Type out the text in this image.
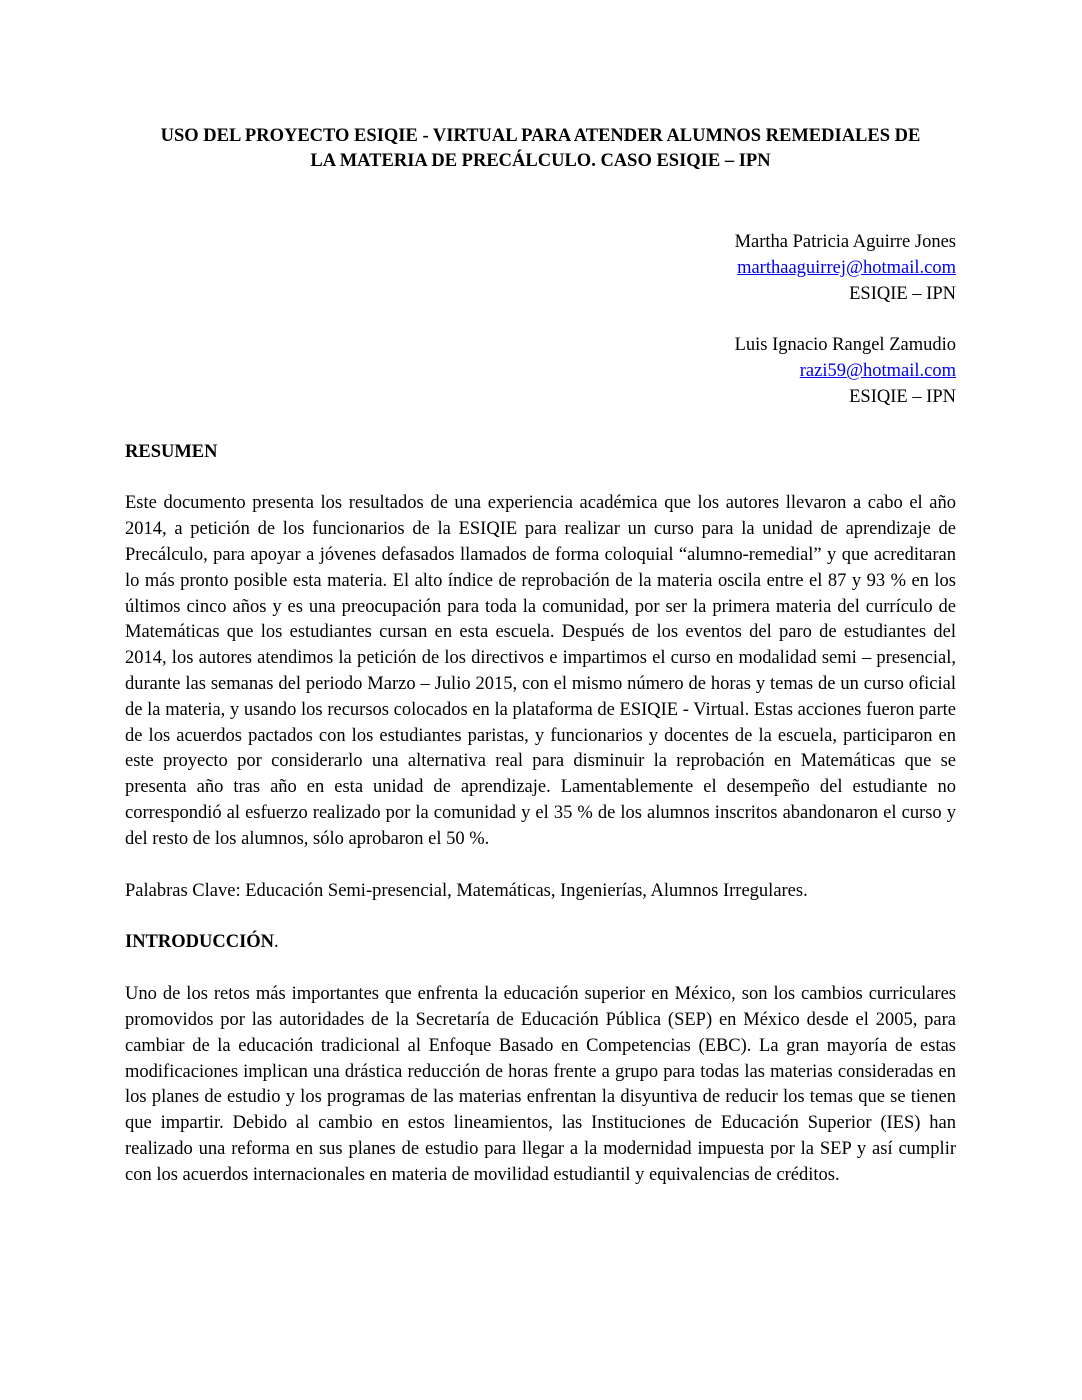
USO DEL PROYECTO ESIQIE - VIRTUAL PARA ATENDER ALUMNOS REMEDIALES DE
LA MATERIA DE PRECÁLCULO. CASO ESIQIE – IPN
Martha Patricia Aguirre Jones
marthaaguirrej@hotmail.com
ESIQIE – IPN
Luis Ignacio Rangel Zamudio
razi59@hotmail.com
ESIQIE – IPN
RESUMEN

Este documento presenta los resultados de una experiencia académica que los autores llevaron a cabo el año 2014, a petición de los funcionarios de la ESIQIE para realizar un curso para la unidad de aprendizaje de Precálculo, para apoyar a jóvenes defasados llamados de forma coloquial “alumno-remedial” y que acreditaran lo más pronto posible esta materia. El alto índice de reprobación de la materia oscila entre el 87 y 93 % en los últimos cinco años y es una preocupación para toda la comunidad, por ser la primera materia del currículo de Matemáticas que los estudiantes cursan en esta escuela. Después de los eventos del paro de estudiantes del 2014, los autores atendimos la petición de los directivos e impartimos el curso en modalidad semi – presencial, durante las semanas del periodo Marzo – Julio 2015, con el mismo número de horas y temas de un curso oficial de la materia, y usando los recursos colocados en la plataforma de ESIQIE - Virtual. Estas acciones fueron parte de los acuerdos pactados con los estudiantes paristas, y funcionarios y docentes de la escuela, participaron en este proyecto por considerarlo una alternativa real para disminuir la reprobación en Matemáticas que se presenta año tras año en esta unidad de aprendizaje. Lamentablemente el desempeño del estudiante no correspondió al esfuerzo realizado por la comunidad y el 35 % de los alumnos inscritos abandonaron el curso y del resto de los alumnos, sólo aprobaron el 50 %.

Palabras Clave: Educación Semi-presencial, Matemáticas, Ingenierías, Alumnos Irregulares.

INTRODUCCIÓN.

Uno de los retos más importantes que enfrenta la educación superior en México, son los cambios curriculares promovidos por las autoridades de la Secretaría de Educación Pública (SEP) en México desde el 2005, para cambiar de la educación tradicional al Enfoque Basado en Competencias (EBC). La gran mayoría de estas modificaciones implican una drástica reducción de horas frente a grupo para todas las materias consideradas en los planes de estudio y los programas de las materias enfrentan la disyuntiva de reducir los temas que se tienen que impartir. Debido al cambio en estos lineamientos, las Instituciones de Educación Superior (IES) han realizado una reforma en sus planes de estudio para llegar a la modernidad impuesta por la SEP y así cumplir con los acuerdos internacionales en materia de movilidad estudiantil y equivalencias de créditos.
